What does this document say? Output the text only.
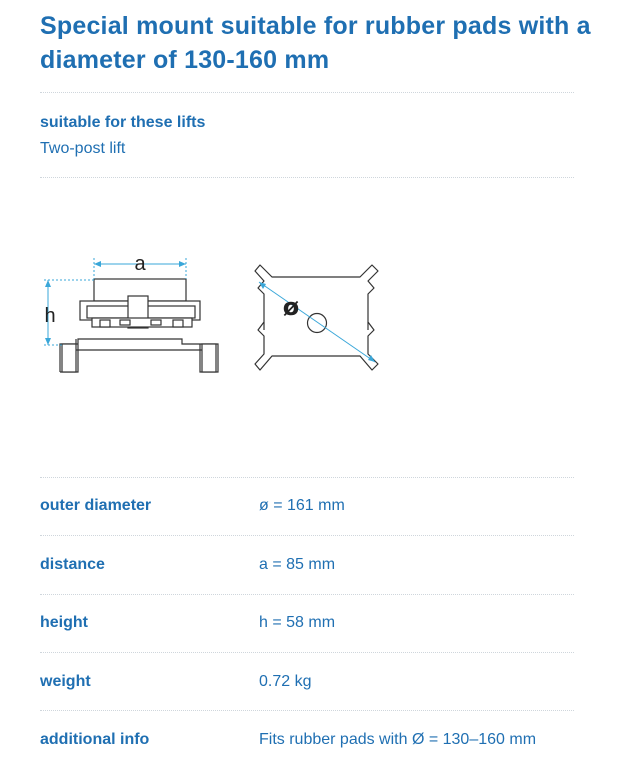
Special mount suitable for rubber pads with a diameter of 130-160 mm
suitable for these lifts
Two-post lift
a
h	ø
outer diameter	ø = 161 mm
distance	a = 85 mm
height	h = 58 mm
weight	0.72 kg
additional info	Fits rubber pads with Ø = 130–160 mm
